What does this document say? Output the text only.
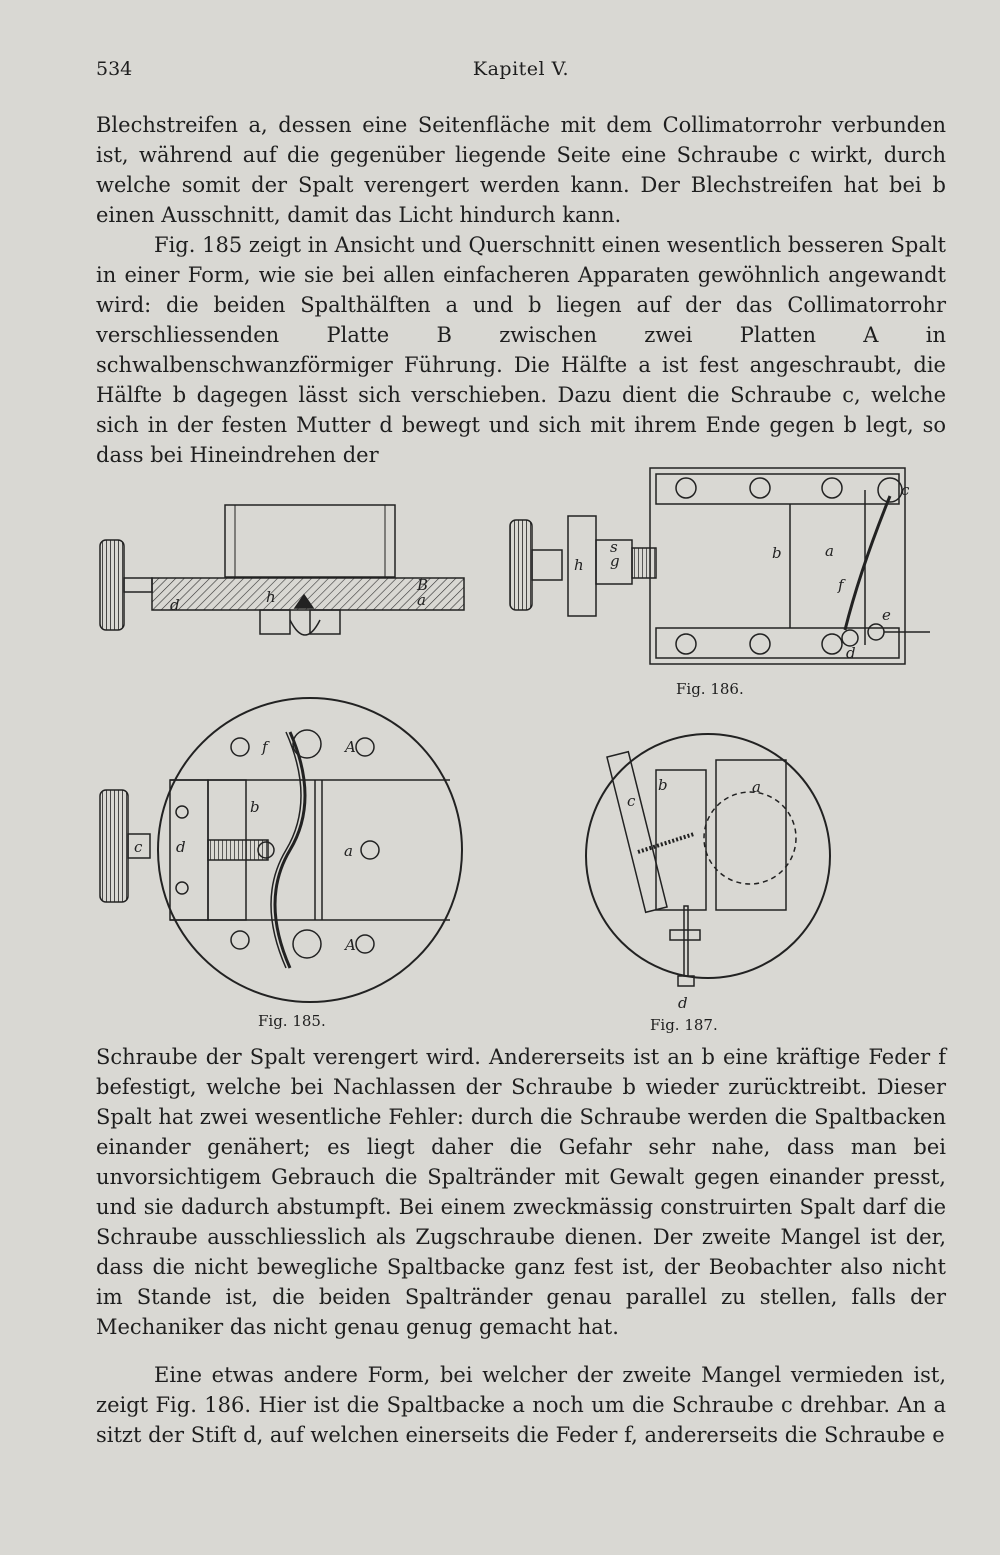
534	Kapitel V.

Blechstreifen a, dessen eine Seitenfläche mit dem Collimatorrohr verbunden ist, während auf die gegenüber liegende Seite eine Schraube c wirkt, durch welche somit der Spalt verengert werden kann. Der Blechstreifen hat bei b einen Ausschnitt, damit das Licht hindurch kann.

Fig. 185 zeigt in Ansicht und Querschnitt einen wesentlich besseren Spalt in einer Form, wie sie bei allen einfacheren Apparaten gewöhnlich angewandt wird: die beiden Spalthälften a und b liegen auf der das Collimatorrohr verschliessenden Platte B zwischen zwei Platten A in schwalbenschwanzförmiger Führung. Die Hälfte a ist fest angeschraubt, die Hälfte b dagegen lässt sich verschieben. Dazu dient die Schraube c, welche sich in der festen Mutter d bewegt und sich mit ihrem Ende gegen b legt, so dass bei Hineindrehen der

d	h
B
a
f	A
b
c d	a
A
c
b	a
f
e
d
h g
s
b	a
c
d
Fig. 185.
Fig. 186.
Fig. 187.

Schraube der Spalt verengert wird. Andererseits ist an b eine kräftige Feder f befestigt, welche bei Nachlassen der Schraube b wieder zurücktreibt. Dieser Spalt hat zwei wesentliche Fehler: durch die Schraube werden die Spaltbacken einander genähert; es liegt daher die Gefahr sehr nahe, dass man bei unvorsichtigem Gebrauch die Spaltränder mit Gewalt gegen einander presst, und sie dadurch abstumpft. Bei einem zweckmässig construirten Spalt darf die Schraube ausschliesslich als Zugschraube dienen. Der zweite Mangel ist der, dass die nicht bewegliche Spaltbacke ganz fest ist, der Beobachter also nicht im Stande ist, die beiden Spaltränder genau parallel zu stellen, falls der Mechaniker das nicht genau genug gemacht hat.

Eine etwas andere Form, bei welcher der zweite Mangel vermieden ist, zeigt Fig. 186. Hier ist die Spaltbacke a noch um die Schraube c drehbar. An a sitzt der Stift d, auf welchen einerseits die Feder f, andererseits die Schraube e
